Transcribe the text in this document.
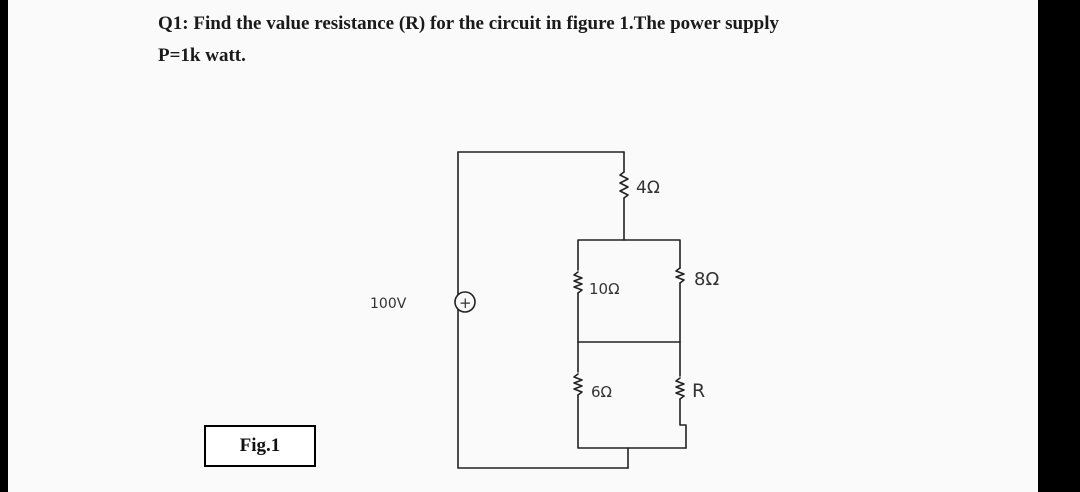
Q1: Find the value resistance (R) for the circuit in figure 1.The power supply
P=1k watt.

Fig.1
+
100V
4Ω
10Ω	8Ω
6Ω	R
